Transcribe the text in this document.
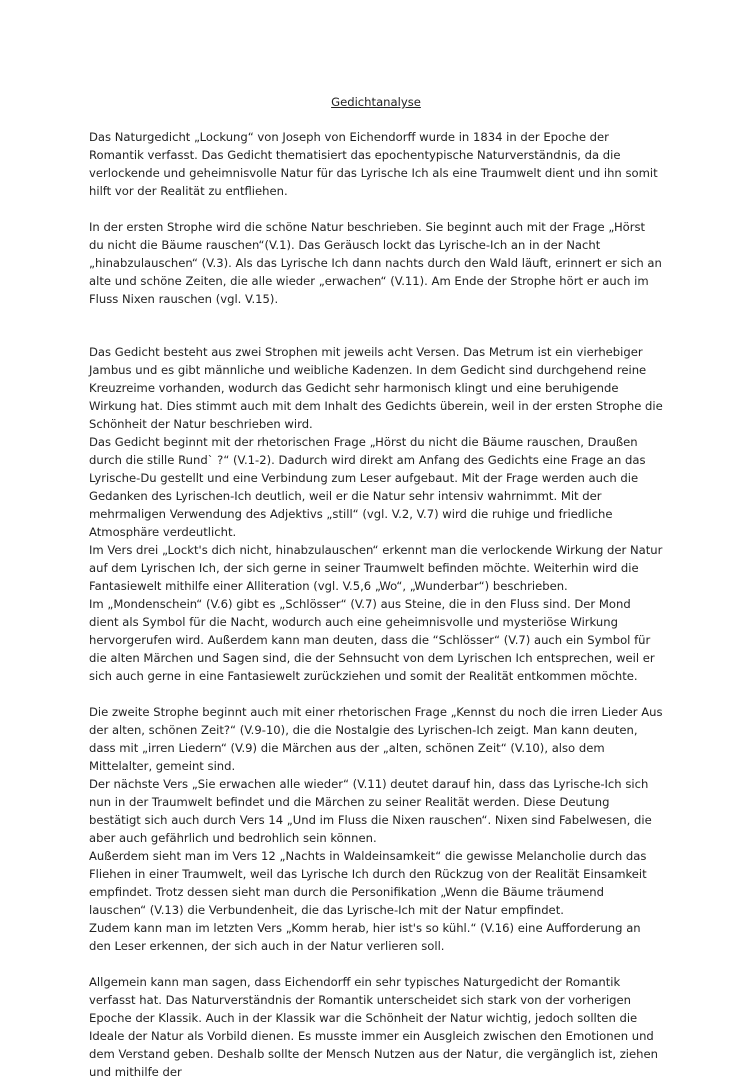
Gedichtanalyse

Das Naturgedicht „Lockung“ von Joseph von Eichendorff wurde in 1834 in der Epoche der Romantik verfasst. Das Gedicht thematisiert das epochentypische Naturverständnis, da die verlockende und geheimnisvolle Natur für das Lyrische Ich als eine Traumwelt dient und ihn somit hilft vor der Realität zu entfliehen.

In der ersten Strophe wird die schöne Natur beschrieben. Sie beginnt auch mit der Frage „Hörst du nicht die Bäume rauschen“(V.1). Das Geräusch lockt das Lyrische-Ich an in der Nacht „hinabzulauschen“ (V.3). Als das Lyrische Ich dann nachts durch den Wald läuft, erinnert er sich an alte und schöne Zeiten, die alle wieder „erwachen“ (V.11). Am Ende der Strophe hört er auch im Fluss Nixen rauschen (vgl. V.15).

Das Gedicht besteht aus zwei Strophen mit jeweils acht Versen. Das Metrum ist ein vierhebiger Jambus und es gibt männliche und weibliche Kadenzen. In dem Gedicht sind durchgehend reine Kreuzreime vorhanden, wodurch das Gedicht sehr harmonisch klingt und eine beruhigende Wirkung hat. Dies stimmt auch mit dem Inhalt des Gedichts überein, weil in der ersten Strophe die Schönheit der Natur beschrieben wird.

Das Gedicht beginnt mit der rhetorischen Frage „Hörst du nicht die Bäume rauschen, Draußen durch die stille Rund` ?“ (V.1-2). Dadurch wird direkt am Anfang des Gedichts eine Frage an das Lyrische-Du gestellt und eine Verbindung zum Leser aufgebaut. Mit der Frage werden auch die Gedanken des Lyrischen-Ich deutlich, weil er die Natur sehr intensiv wahrnimmt. Mit der mehrmaligen Verwendung des Adjektivs „still“ (vgl. V.2, V.7) wird die ruhige und friedliche Atmosphäre verdeutlicht.

Im Vers drei „Lockt's dich nicht, hinabzulauschen“ erkennt man die verlockende Wirkung der Natur auf dem Lyrischen Ich, der sich gerne in seiner Traumwelt befinden möchte. Weiterhin wird die Fantasiewelt mithilfe einer Alliteration (vgl. V.5,6 „Wo“, „Wunderbar“) beschrieben.

Im „Mondenschein“ (V.6) gibt es „Schlösser“ (V.7) aus Steine, die in den Fluss sind. Der Mond dient als Symbol für die Nacht, wodurch auch eine geheimnisvolle und mysteriöse Wirkung hervorgerufen wird. Außerdem kann man deuten, dass die “Schlösser“ (V.7) auch ein Symbol für die alten Märchen und Sagen sind, die der Sehnsucht von dem Lyrischen Ich entsprechen, weil er sich auch gerne in eine Fantasiewelt zurückziehen und somit der Realität entkommen möchte.

Die zweite Strophe beginnt auch mit einer rhetorischen Frage „Kennst du noch die irren Lieder Aus der alten, schönen Zeit?“ (V.9-10), die die Nostalgie des Lyrischen-Ich zeigt. Man kann deuten, dass mit „irren Liedern“ (V.9) die Märchen aus der „alten, schönen Zeit“ (V.10), also dem Mittelalter, gemeint sind.

Der nächste Vers „Sie erwachen alle wieder“ (V.11) deutet darauf hin, dass das Lyrische-Ich sich nun in der Traumwelt befindet und die Märchen zu seiner Realität werden. Diese Deutung bestätigt sich auch durch Vers 14 „Und im Fluss die Nixen rauschen“. Nixen sind Fabelwesen, die aber auch gefährlich und bedrohlich sein können.

Außerdem sieht man im Vers 12 „Nachts in Waldeinsamkeit“ die gewisse Melancholie durch das Fliehen in einer Traumwelt, weil das Lyrische Ich durch den Rückzug von der Realität Einsamkeit empfindet. Trotz dessen sieht man durch die Personifikation „Wenn die Bäume träumend lauschen“ (V.13) die Verbundenheit, die das Lyrische-Ich mit der Natur empfindet.

Zudem kann man im letzten Vers „Komm herab, hier ist's so kühl.“ (V.16) eine Aufforderung an den Leser erkennen, der sich auch in der Natur verlieren soll.

Allgemein kann man sagen, dass Eichendorff ein sehr typisches Naturgedicht der Romantik verfasst hat. Das Naturverständnis der Romantik unterscheidet sich stark von der vorherigen Epoche der Klassik. Auch in der Klassik war die Schönheit der Natur wichtig, jedoch sollten die Ideale der Natur als Vorbild dienen. Es musste immer ein Ausgleich zwischen den Emotionen und dem Verstand geben. Deshalb sollte der Mensch Nutzen aus der Natur, die vergänglich ist, ziehen und mithilfe der
